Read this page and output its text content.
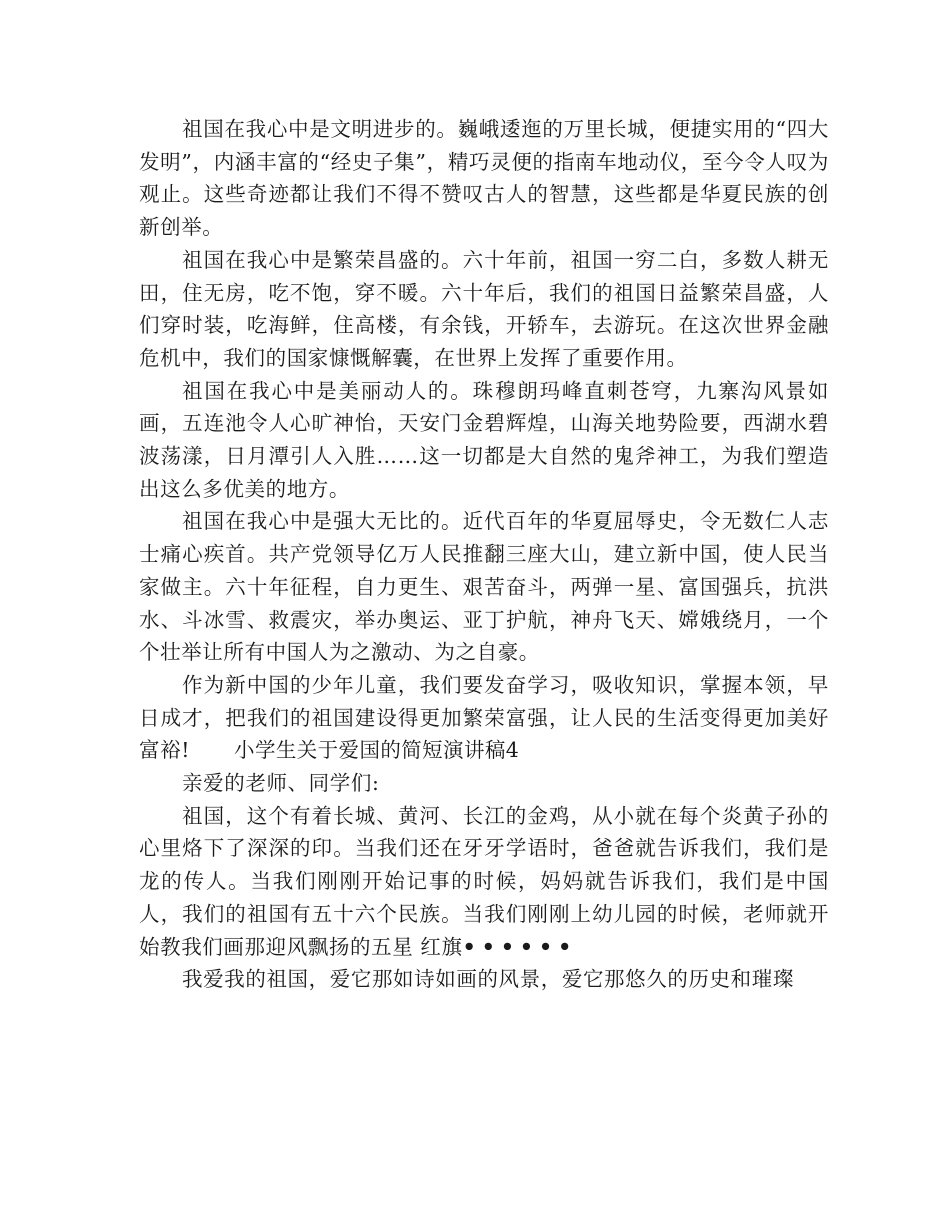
祖国在我心中是文明进步的。巍峨逶迤的万里长城，便捷实用的“四大发明”，内涵丰富的“经史子集”，精巧灵便的指南车地动仪，至今令人叹为观止。这些奇迹都让我们不得不赞叹古人的智慧，这些都是华夏民族的创新创举。

祖国在我心中是繁荣昌盛的。六十年前，祖国一穷二白，多数人耕无田，住无房，吃不饱，穿不暖。六十年后，我们的祖国日益繁荣昌盛，人们穿时装，吃海鲜，住高楼，有余钱，开轿车，去游玩。在这次世界金融危机中，我们的国家慷慨解囊，在世界上发挥了重要作用。

祖国在我心中是美丽动人的。珠穆朗玛峰直刺苍穹，九寨沟风景如画，五连池令人心旷神怡，天安门金碧辉煌，山海关地势险要，西湖水碧波荡漾，日月潭引人入胜……这一切都是大自然的鬼斧神工，为我们塑造出这么多优美的地方。

祖国在我心中是强大无比的。近代百年的华夏屈辱史，令无数仁人志士痛心疾首。共产党领导亿万人民推翻三座大山，建立新中国，使人民当家做主。六十年征程，自力更生、艰苦奋斗，两弹一星、富国强兵，抗洪水、斗冰雪、救震灾，举办奥运、亚丁护航，神舟飞天、嫦娥绕月，一个个壮举让所有中国人为之激动、为之自豪。

作为新中国的少年儿童，我们要发奋学习，吸收知识，掌握本领，早日成才，把我们的祖国建设得更加繁荣富强，让人民的生活变得更加美好富裕! 小学生关于爱国的简短演讲稿4

亲爱的老师、同学们:

祖国，这个有着长城、黄河、长江的金鸡，从小就在每个炎黄子孙的心里烙下了深深的印。当我们还在牙牙学语时，爸爸就告诉我们，我们是龙的传人。当我们刚刚开始记事的时候，妈妈就告诉我们，我们是中国人，我们的祖国有五十六个民族。当我们刚刚上幼儿园的时候，老师就开始教我们画那迎风飘扬的五星 红旗••••••

我爱我的祖国，爱它那如诗如画的风景，爱它那悠久的历史和璀璨
